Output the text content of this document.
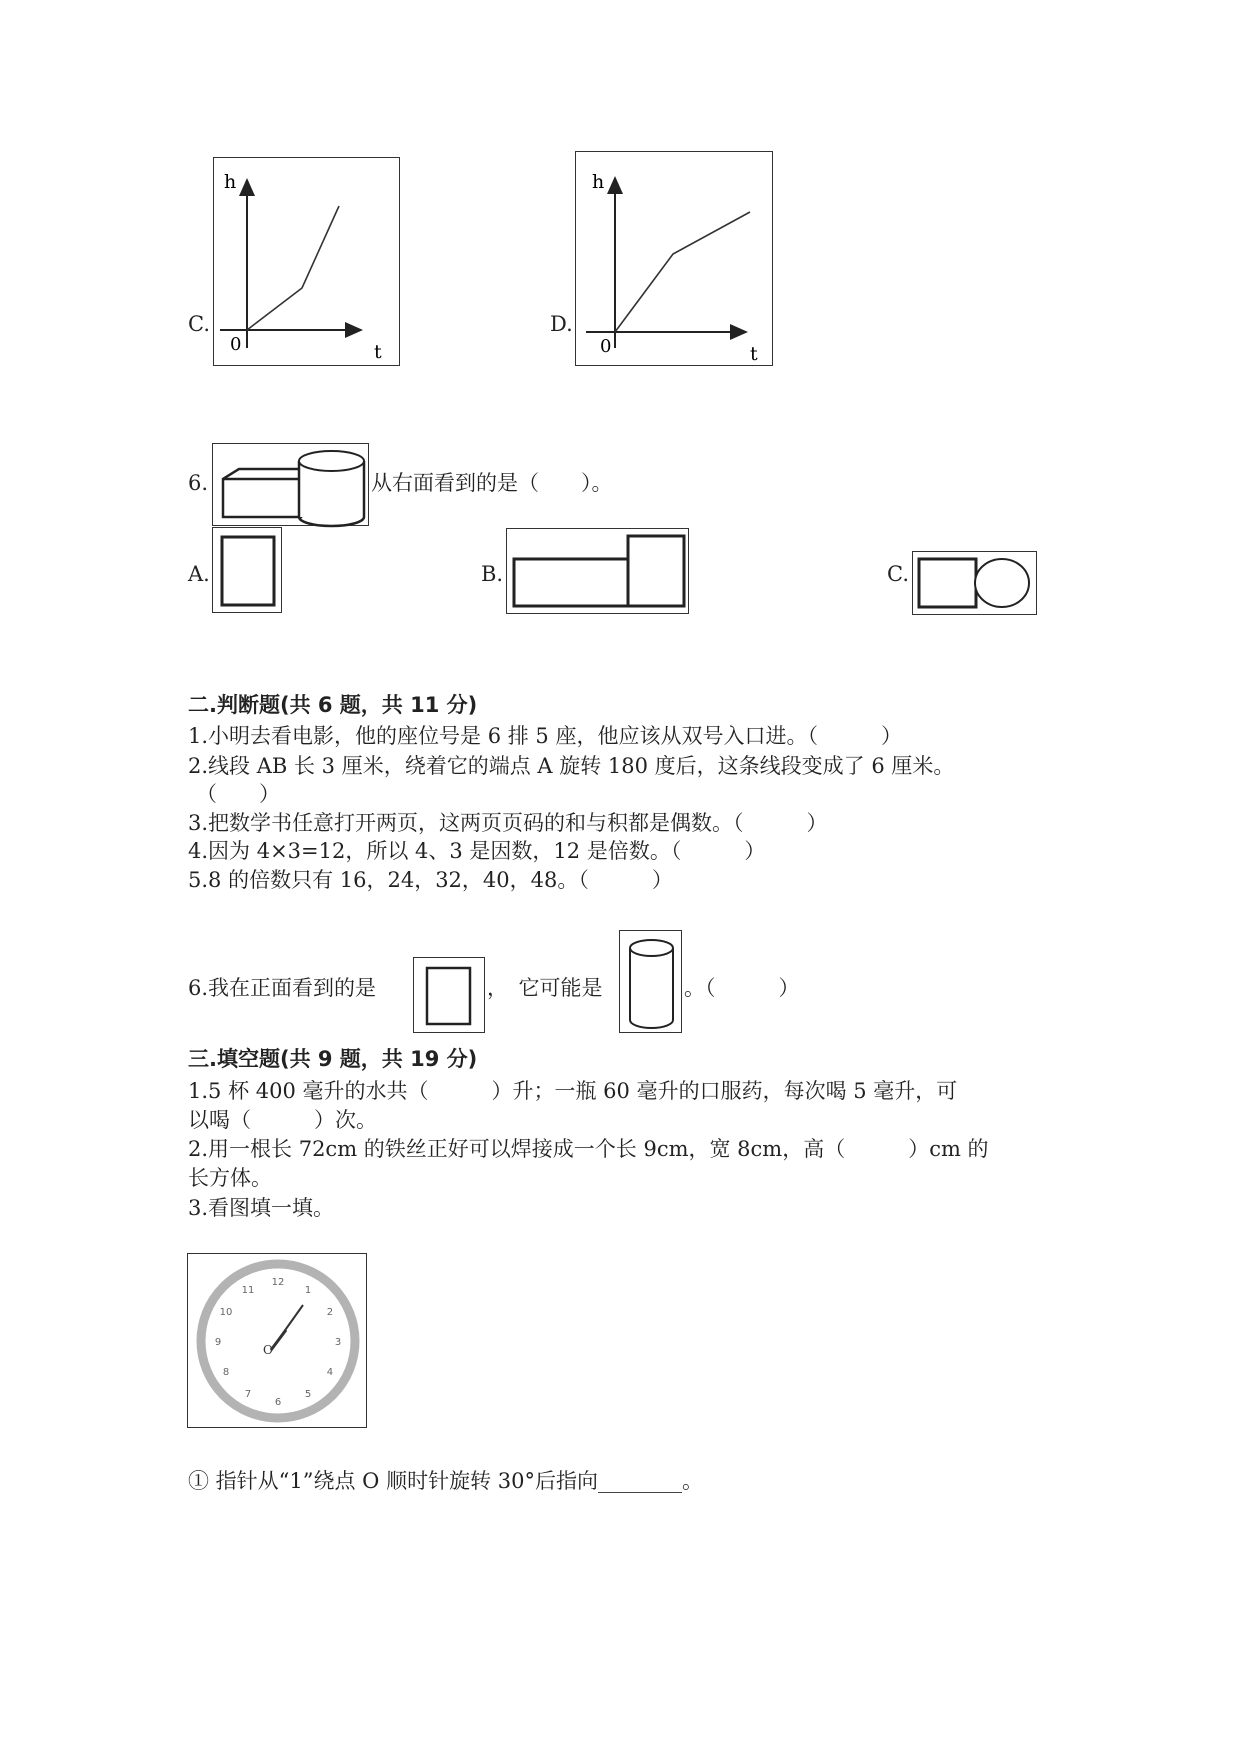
C.
h
0	t
D.
h
0	t
6.	从右面看到的是（　　）。
A.	B.	C.
二.判断题(共 6 题，共 11 分)
1.小明去看电影，他的座位号是 6 排 5 座，他应该从双号入口进。（　　　）
2.线段 AB 长 3 厘米，绕着它的端点 A 旋转 180 度后，这条线段变成了 6 厘米。
（　　）
3.把数学书任意打开两页，这两页页码的和与积都是偶数。（　　　）
4.因为 4×3=12，所以 4、3 是因数，12 是倍数。（　　　）
5.8 的倍数只有 16，24，32，40，48。（　　　）
6.我在正面看到的是	，　它可能是	。（　　　）
三.填空题(共 9 题，共 19 分)
1.5 杯 400 毫升的水共（　　　）升；一瓶 60 毫升的口服药，每次喝 5 毫升，可
以喝（　　　）次。
2.用一根长 72cm 的铁丝正好可以焊接成一个长 9cm，宽 8cm，高（　　　）cm 的
长方体。
3.看图填一填。
12
1
2
3
4
5
6
7
8
9
10
11
O
① 指针从“1”绕点 O 顺时针旋转 30°后指向________。
